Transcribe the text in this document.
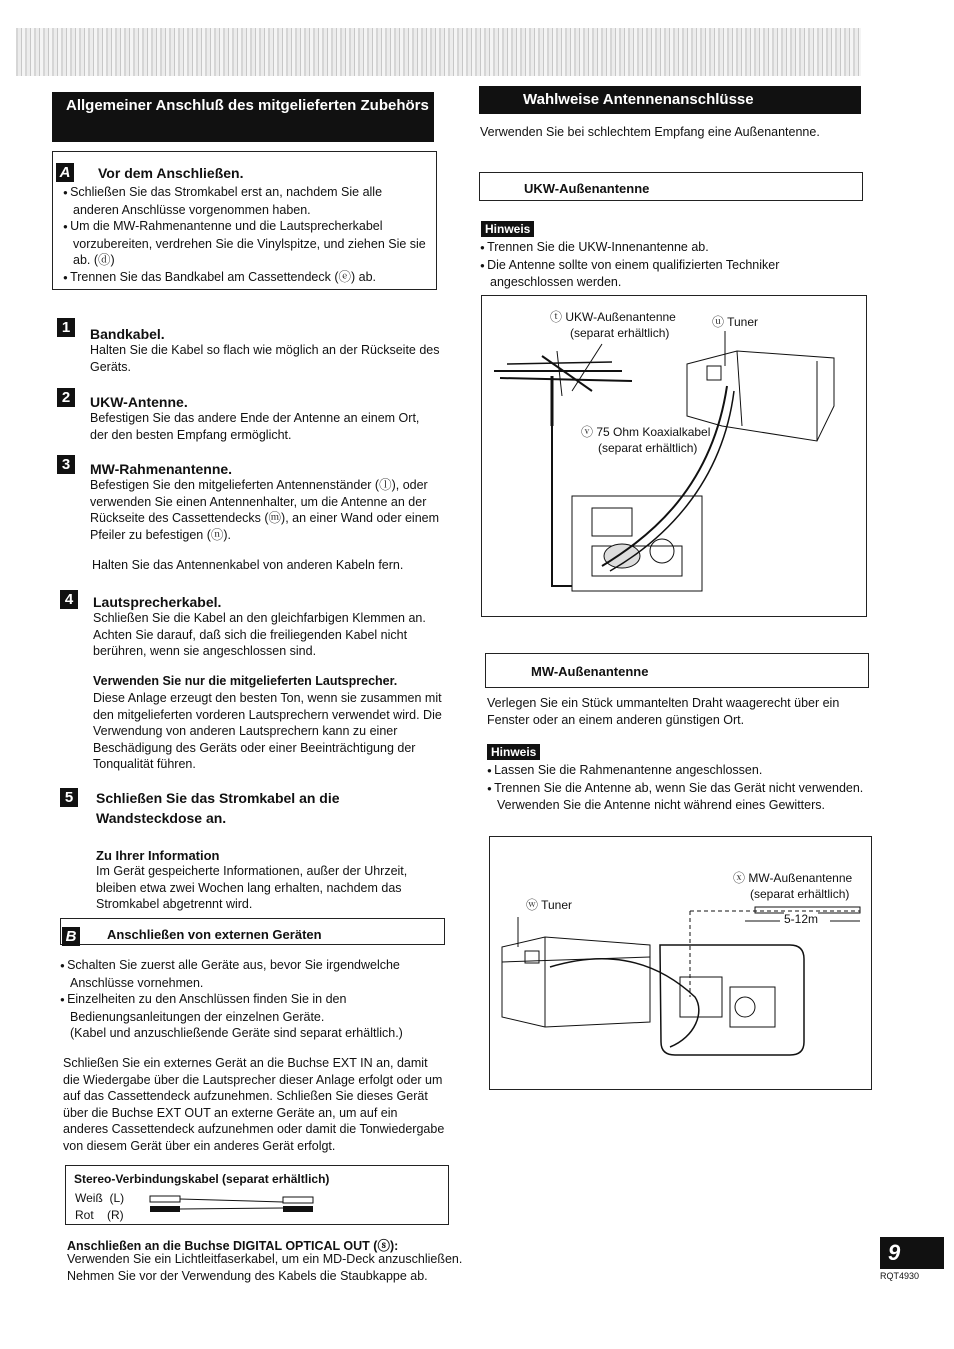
Allgemeiner Anschluß des mitgelieferten Zubehörs
A Vor dem Anschließen.

● Schließen Sie das Stromkabel erst an, nachdem Sie alle anderen Anschlüsse vorgenommen haben.

● Um die MW-Rahmenantenne und die Lautsprecherkabel vorzubereiten, verdrehen Sie die Vinylspitze, und ziehen Sie sie ab. (ⓓ)

● Trennen Sie das Bandkabel am Cassettendeck (ⓔ) ab.

1	Bandkabel.
Halten Sie die Kabel so flach wie möglich an der Rückseite des Geräts.
2	UKW-Antenne.
Befestigen Sie das andere Ende der Antenne an einem Ort, der den besten Empfang ermöglicht.
3	MW-Rahmenantenne.
Befestigen Sie den mitgelieferten Antennenständer (ⓛ), oder verwenden Sie einen Antennenhalter, um die Antenne an der Rückseite des Cassettendecks (ⓜ), an einer Wand oder einem Pfeiler zu befestigen (ⓝ).
Halten Sie das Antennenkabel von anderen Kabeln fern.
4	Lautsprecherkabel.
Schließen Sie die Kabel an den gleichfarbigen Klemmen an. Achten Sie darauf, daß sich die freiliegenden Kabel nicht berühren, wenn sie angeschlossen sind.
Verwenden Sie nur die mitgelieferten Lautsprecher.
Diese Anlage erzeugt den besten Ton, wenn sie zusammen mit den mitgelieferten vorderen Lautsprechern verwendet wird. Die Verwendung von anderen Lautsprechern kann zu einer Beschädigung des Geräts oder einer Beeinträchtigung der Tonqualität führen.
5	Schließen Sie das Stromkabel an die Wandsteckdose an.
Zu Ihrer Information
Im Gerät gespeicherte Informationen, außer der Uhrzeit, bleiben etwa zwei Wochen lang erhalten, nachdem das Stromkabel abgetrennt wird.
B Anschließen von externen Geräten

● Schalten Sie zuerst alle Geräte aus, bevor Sie irgendwelche Anschlüsse vornehmen.

● Einzelheiten zu den Anschlüssen finden Sie in den Bedienungsanleitungen der einzelnen Geräte.

(Kabel und anzuschließende Geräte sind separat erhältlich.)

Schließen Sie ein externes Gerät an die Buchse EXT IN an, damit die Wiedergabe über die Lautsprecher dieser Anlage erfolgt oder um auf das Cassettendeck aufzunehmen. Schließen Sie dieses Gerät über die Buchse EXT OUT an externe Geräte an, um auf ein anderes Cassettendeck aufzunehmen oder damit die Tonwiedergabe von diesem Gerät über ein anderes Gerät erfolgt.
Stereo-Verbindungskabel (separat erhältlich)
Weiß  (L)
Rot    (R)
Anschließen an die Buchse DIGITAL OPTICAL OUT (ⓢ):
Verwenden Sie ein Lichtleitfaserkabel, um ein MD-Deck anzuschließen. Nehmen Sie vor der Verwendung des Kabels die Staubkappe ab.
Wahlweise Antennenanschlüsse
Verwenden Sie bei schlechtem Empfang eine Außenantenne.
UKW-Außenantenne
Hinweis

● Trennen Sie die UKW-Innenantenne ab.

● Die Antenne sollte von einem qualifizierten Techniker angeschlossen werden.

ⓣ UKW-Außenantenne
(separat erhältlich)
ⓤ Tuner
ⓥ 75 Ohm Koaxialkabel
(separat erhältlich)
MW-Außenantenne
Verlegen Sie ein Stück ummantelten Draht waagerecht über ein Fenster oder an einem anderen günstigen Ort.
Hinweis

● Lassen Sie die Rahmenantenne angeschlossen.

● Trennen Sie die Antenne ab, wenn Sie das Gerät nicht verwenden. Verwenden Sie die Antenne nicht während eines Gewitters.

ⓧ MW-Außenantenne
(separat erhältlich)
ⓦ Tuner
5-12m
9
RQT4930
